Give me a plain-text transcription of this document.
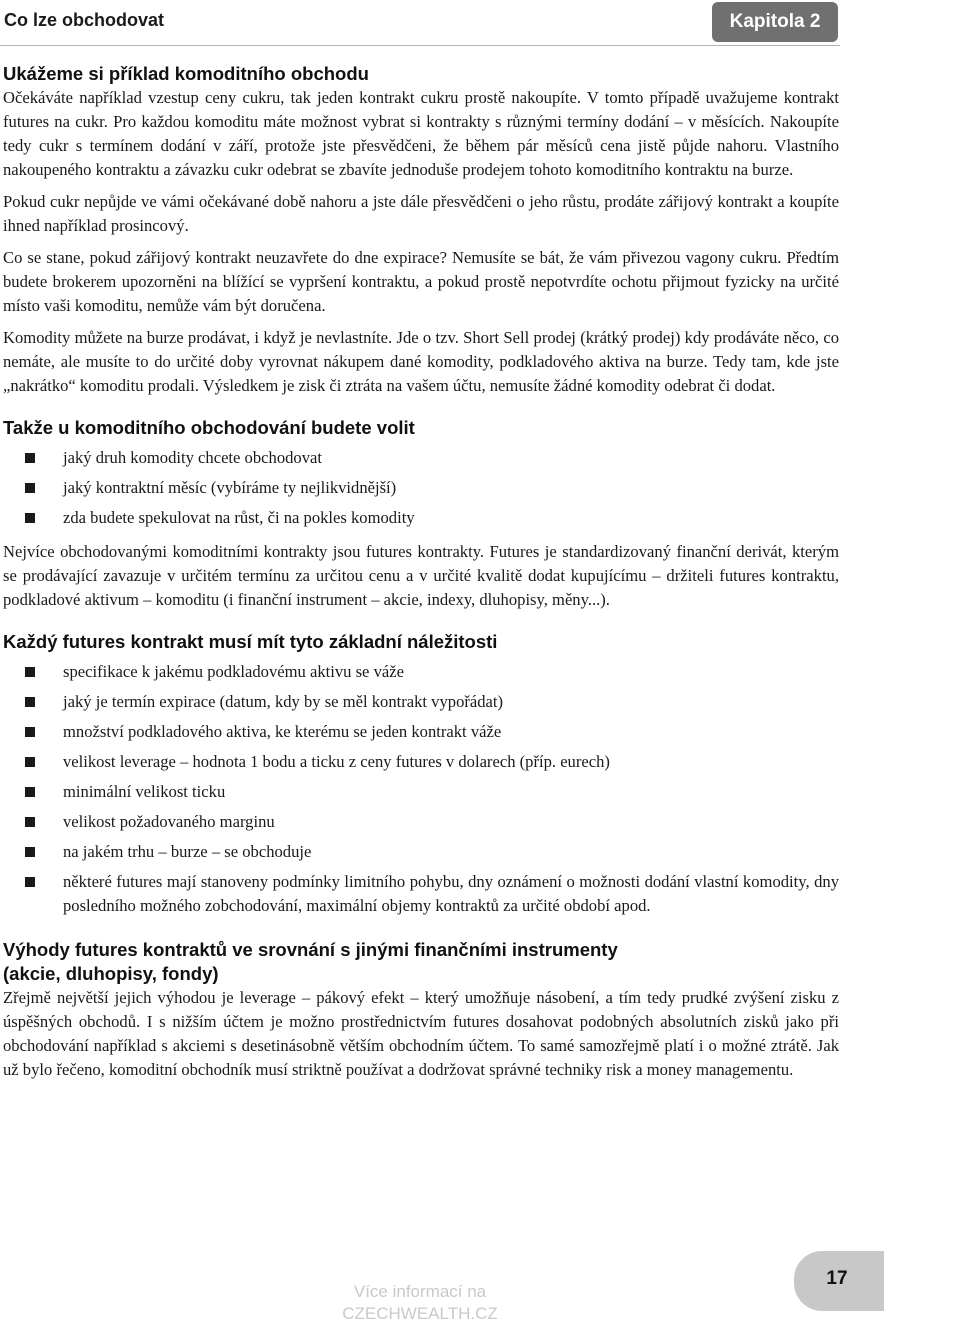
Co lze obchodovat	Kapitola 2
Ukážeme si příklad komoditního obchodu

Očekáváte například vzestup ceny cukru, tak jeden kontrakt cukru prostě nakoupíte. V tomto případě uvažujeme kontrakt futures na cukr. Pro každou komoditu máte možnost vybrat si kontrakty s různými termíny dodání – v měsících. Nakoupíte tedy cukr s termínem dodání v září, protože jste přesvědčeni, že během pár měsíců cena jistě půjde nahoru. Vlastního nakoupeného kontraktu a závazku cukr odebrat se zbavíte jednoduše prodejem tohoto komoditního kontraktu na burze.

Pokud cukr nepůjde ve vámi očekávané době nahoru a jste dále přesvědčeni o jeho růstu, prodáte zářijový kontrakt a koupíte ihned například prosincový.

Co se stane, pokud zářijový kontrakt neuzavřete do dne expirace? Nemusíte se bát, že vám přivezou vagony cukru. Předtím budete brokerem upozorněni na blížící se vypršení kontraktu, a pokud prostě nepotvrdíte ochotu přijmout fyzicky na určité místo vaši komoditu, nemůže vám být doručena.

Komodity můžete na burze prodávat, i když je nevlastníte. Jde o tzv. Short Sell prodej (krátký prodej) kdy prodáváte něco, co nemáte, ale musíte to do určité doby vyrovnat nákupem dané komodity, podkladového aktiva na burze. Tedy tam, kde jste „nakrátko“ komoditu prodali. Výsledkem je zisk či ztráta na vašem účtu, nemusíte žádné komodity odebrat či dodat.

Takže u komoditního obchodování budete volit
jaký druh komodity chcete obchodovat
jaký kontraktní měsíc (vybíráme ty nejlikvidnější)
zda budete spekulovat na růst, či na pokles komodity

Nejvíce obchodovanými komoditními kontrakty jsou futures kontrakty. Futures je standardizovaný finanční derivát, kterým se prodávající zavazuje v určitém termínu za určitou cenu a v určité kvalitě dodat kupujícímu – držiteli futures kontraktu, podkladové aktivum – komoditu (i finanční instrument – akcie, indexy, dluhopisy, měny...).

Každý futures kontrakt musí mít tyto základní náležitosti
specifikace k jakému podkladovému aktivu se váže
jaký je termín expirace (datum, kdy by se měl kontrakt vypořádat)
množství podkladového aktiva, ke kterému se jeden kontrakt váže
velikost leverage – hodnota 1 bodu a ticku z ceny futures v dolarech (příp. eurech)
minimální velikost ticku
velikost požadovaného marginu
na jakém trhu – burze – se obchoduje
některé futures mají stanoveny podmínky limitního pohybu, dny oznámení o možnosti dodání vlastní komodity, dny posledního možného zobchodování, maximální objemy kontraktů za určité období apod.
Výhody futures kontraktů ve srovnání s jinými finančními instrumenty
(akcie, dluhopisy, fondy)

Zřejmě největší jejich výhodou je leverage – pákový efekt – který umožňuje násobení, a tím tedy prudké zvýšení zisku z úspěšných obchodů. I s nižším účtem je možno prostřednictvím futures dosahovat podobných absolutních zisků jako při obchodování například s akciemi s desetinásobně větším obchodním účtem. To samé samozřejmě platí i o možné ztrátě. Jak už bylo řečeno, komoditní obchodník musí striktně používat a dodržovat správné techniky risk a money managementu.

Více informací na
CZECHWEALTH.CZ
17
